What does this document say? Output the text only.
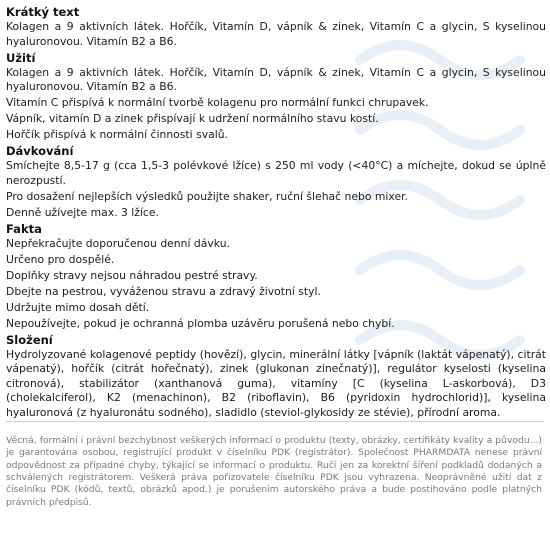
Krátký text

Kolagen a 9 aktivních látek. Hořčík, Vitamín D, vápník & zinek, Vitamín C a glycin, S kyselinou hyaluronovou. Vitamín B2 a B6.

Užití

Kolagen a 9 aktivních látek. Hořčík, Vitamín D, vápník & zinek, Vitamín C a glycin, S kyselinou hyaluronovou. Vitamín B2 a B6.

Vitamín C přispívá k normální tvorbě kolagenu pro normální funkci chrupavek.

Vápník, vitamín D a zinek přispívají k udržení normálního stavu kostí.

Hořčík přispívá k normální činnosti svalů.

Dávkování

Smíchejte 8,5-17 g (cca 1,5-3 polévkové lžíce) s 250 ml vody (<40°C) a míchejte, dokud se úplně nerozpustí.

Pro dosažení nejlepších výsledků použijte shaker, ruční šlehač nebo mixer.

Denně užívejte max. 3 lžíce.

Fakta

Nepřekračujte doporučenou denní dávku.

Určeno pro dospělé.

Doplňky stravy nejsou náhradou pestré stravy.

Dbejte na pestrou, vyváženou stravu a zdravý životní styl.

Udržujte mimo dosah dětí.

Nepoužívejte, pokud je ochranná plomba uzávěru porušená nebo chybí.

Složení

Hydrolyzované kolagenové peptidy (hovězí), glycin, minerální látky [vápník (laktát vápenatý), citrát vápenatý), hořčík (citrát hořečnatý), zinek (glukonan zinečnatý)], regulátor kyselosti (kyselina citronová), stabilizátor (xanthanová guma), vitamíny [C (kyselina L-askorbová), D3 (cholekalciferol), K2 (menachinon), B2 (riboflavin), B6 (pyridoxin hydrochlorid)], kyselina hyaluronová (z hyaluronátu sodného), sladidlo (steviol-glykosidy ze stévie), přírodní aroma.

Věcná, formální i právní bezchybnost veškerých informací o produktu (texty, obrázky, certifikáty kvality a původu...) je garantována osobou, registrující produkt v číselníku PDK (registrátor). Společnost PHARMDATA nenese právní odpovědnost za případné chyby, týkající se informací o produktu. Ručí jen za korektní šíření podkladů dodaných a schválených registrátorem. Veškerá práva pořizovatele číselníku PDK jsou vyhrazena. Neoprávněné užití dat z číselníku PDK (kódů, textů, obrázků apod.) je porušením autorského práva a bude postihováno podle platných právních předpisů.
